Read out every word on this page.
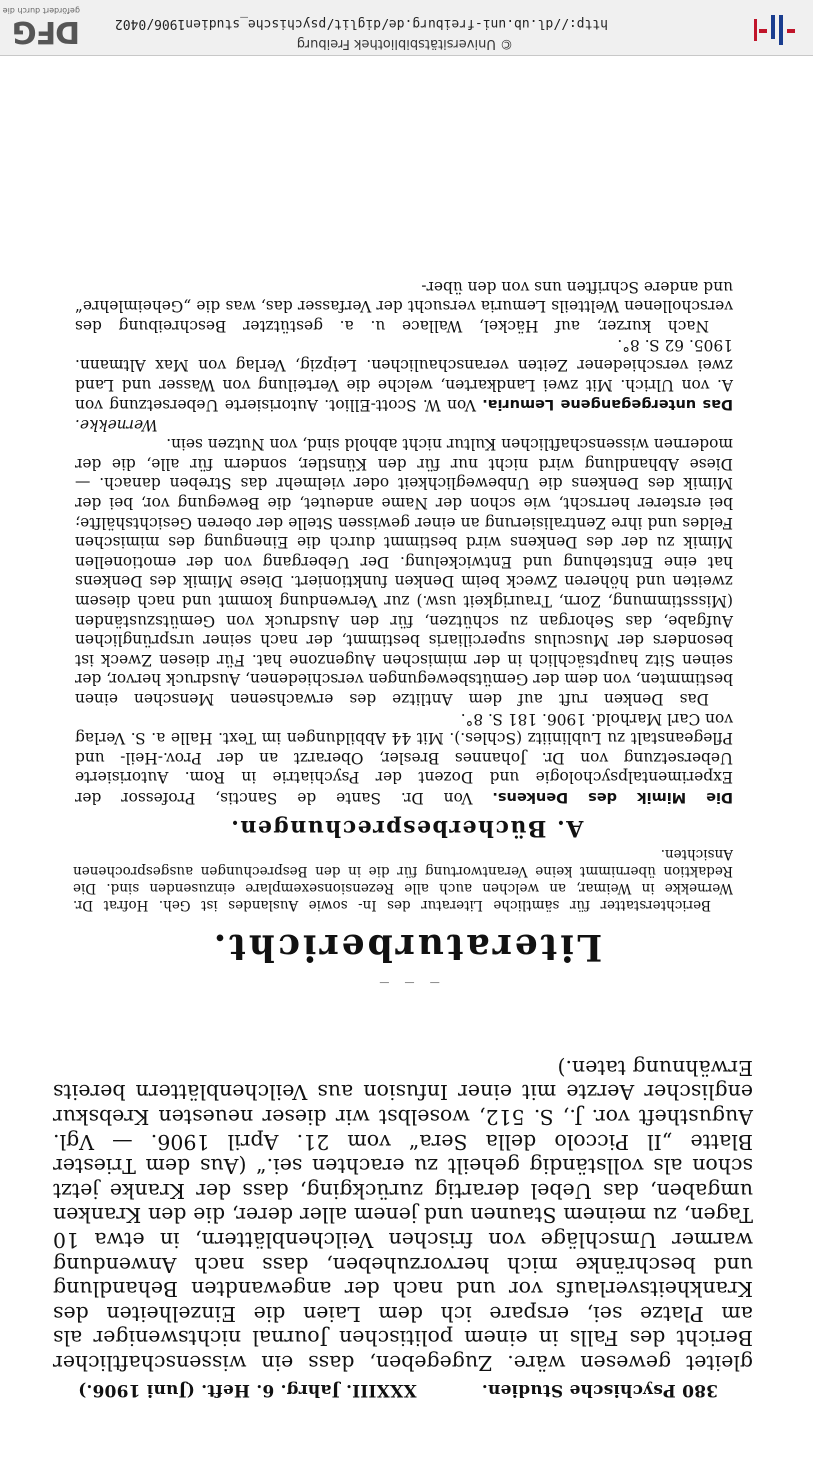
380 Psychische Studien.
XXXIII. Jahrg. 6. Heft. (Juni 1906.)

gleitet gewesen wäre. Zugegeben, dass ein wissenschaftlicher Bericht des Falls in einem politischen Journal nichtsweniger als am Platze sei, erspare ich dem Laien die Einzelheiten des Krankheitsverlaufs vor und nach der angewandten Behandlung und beschränke mich hervorzuheben, dass nach Anwendung warmer Umschläge von frischen Veilchenblättern, in etwa 10 Tagen, zu meinem Staunen und jenem aller derer, die den Kranken umgaben, das Uebel derartig zurückging, dass der Kranke jetzt schon als vollständig geheilt zu erachten sei.“ (Aus dem Triester Blatte „Il Piccolo della Sera“ vom 21. April 1906. — Vgl. Augustheft vor. J., S. 512, woselbst wir dieser neuesten Krebskur englischer Aerzte mit einer Infusion aus Veilchenblättern bereits Erwähnung taten.)

— — —
Literaturbericht.

Berichterstatter für sämtliche Literatur des In- sowie Auslandes ist Geh. Hofrat Dr. Wernekke in Weimar, an welchen auch alle Rezensionsexemplare einzusenden sind. Die Redaktion übernimmt keine Verantwortung für die in den Besprechungen ausgesprochenen Ansichten.

A. Bücherbesprechungen.

Die Mimik des Denkens. Von Dr. Sante de Sanctis, Professor der Experimentalpsychologie und Dozent der Psychiatrie in Rom. Autorisierte Uebersetzung von Dr. Johannes Bresler, Oberarzt an der Prov.-Heil- und Pflegeanstalt zu Lubliniitz (Schles.). Mit 44 Abbildungen im Text. Halle a. S. Verlag von Carl Marhold. 1906. 181 S. 8°.

Das Denken ruft auf dem Antlitze des erwachsenen Menschen einen bestimmten, von dem der Gemütsbewegungen verschiedenen, Ausdruck hervor, der seinen Sitz hauptsächlich in der mimischen Augenzone hat. Für diesen Zweck ist besonders der Musculus superciliaris bestimmt, der nach seiner ursprünglichen Aufgabe, das Sehorgan zu schützen, für den Ausdruck von Gemütszuständen (Missstimmung, Zorn, Traurigkeit usw.) zur Verwendung kommt und nach diesem zweiten und höheren Zweck beim Denken funktioniert. Diese Mimik des Denkens hat eine Entstehung und Entwickelung. Der Uebergang von der emotionellen Mimik zu der des Denkens wird bestimmt durch die Einengung des mimischen Feldes und ihre Zentralisierung an einer gewissen Stelle der oberen Gesichtshälfte; bei ersterer herrscht, wie schon der Name andeutet, die Bewegung vor, bei der Mimik des Denkens die Unbeweglichkeit oder vielmehr das Streben danach. — Diese Abhandlung wird nicht nur für den Künstler, sondern für alle, die der modernen wissenschaftlichen Kultur nicht abhold sind, von Nutzen sein.

Wernekke.

Das untergegangene Lemuria. Von W. Scott-Elliot. Autorisierte Uebersetzung von A. von Ulrich. Mit zwei Landkarten, welche die Verteilung von Wasser und Land zwei verschiedener Zeiten veranschaulichen. Leipzig, Verlag von Max Altmann. 1905. 62 S. 8°.

Nach kurzer, auf Häckel, Wallace u. a. gestützter Beschreibung des verschollenen Weltteils Lemuria versucht der Verfasser das, was die „Geheimlehre“ und andere Schriften uns von den über-

© Universitätsbibliothek Freiburg
http://dl.ub.uni-freiburg.de/diglit/psychische_studien1906/0402
DFG
gefördert durch die
